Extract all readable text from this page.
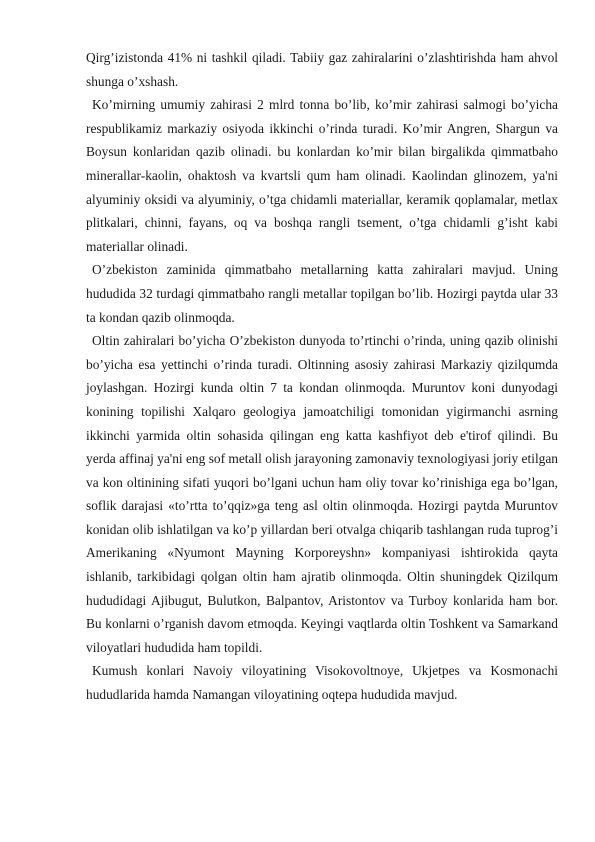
Qirg’izistonda 41% ni tashkil qiladi. Tabiiy gaz zahiralarini o’zlashtirishda ham ahvol shunga o’xshash.

Ko’mirning umumiy zahirasi 2 mlrd tonna bo’lib, ko’mir zahirasi salmogi bo’yicha respublikamiz markaziy osiyoda ikkinchi o’rinda turadi. Ko’mir Angren, Shargun va Boysun konlaridan qazib olinadi. bu konlardan ko’mir bilan birgalikda qimmatbaho minerallar-kaolin, ohaktosh va kvartsli qum ham olinadi. Kaolindan glinozem, ya'ni alyuminiy oksidi va alyuminiy, o’tga chidamli materiallar, keramik qoplamalar, metlax plitkalari, chinni, fayans, oq va boshqa rangli tsement, o’tga chidamli g’isht kabi materiallar olinadi.

O’zbekiston zaminida qimmatbaho metallarning katta zahiralari mavjud. Uning hududida 32 turdagi qimmatbaho rangli metallar topilgan bo’lib. Hozirgi paytda ular 33 ta kondan qazib olinmoqda.

Oltin zahiralari bo’yicha O’zbekiston dunyoda to’rtinchi o’rinda, uning qazib olinishi bo’yicha esa yettinchi o’rinda turadi. Oltinning asosiy zahirasi Markaziy qizilqumda joylashgan. Hozirgi kunda oltin 7 ta kondan olinmoqda. Muruntov koni dunyodagi konining topilishi Xalqaro geologiya jamoatchiligi tomonidan yigirmanchi asrning ikkinchi yarmida oltin sohasida qilingan eng katta kashfiyot deb e'tirof qilindi. Bu yerda affinaj ya'ni eng sof metall olish jarayoning zamonaviy texnologiyasi joriy etilgan va kon oltinining sifati yuqori bo’lgani uchun ham oliy tovar ko’rinishiga ega bo’lgan, soflik darajasi «to’rtta to’qqiz»ga teng asl oltin olinmoqda. Hozirgi paytda Muruntov konidan olib ishlatilgan va ko’p yillardan beri otvalga chiqarib tashlangan ruda tuprog’i Amerikaning «Nyumont Mayning Korporeyshn» kompaniyasi ishtirokida qayta ishlanib, tarkibidagi qolgan oltin ham ajratib olinmoqda. Oltin shuningdek Qizilqum hududidagi Ajibugut, Bulutkon, Balpantov, Aristontov va Turboy konlarida ham bor. Bu konlarni o’rganish davom etmoqda. Keyingi vaqtlarda oltin Toshkent va Samarkand viloyatlari hududida ham topildi.

Kumush konlari Navoiy viloyatining Visokovoltnoye, Ukjetpes va Kosmonachi hududlarida hamda Namangan viloyatining oqtepa hududida mavjud.
